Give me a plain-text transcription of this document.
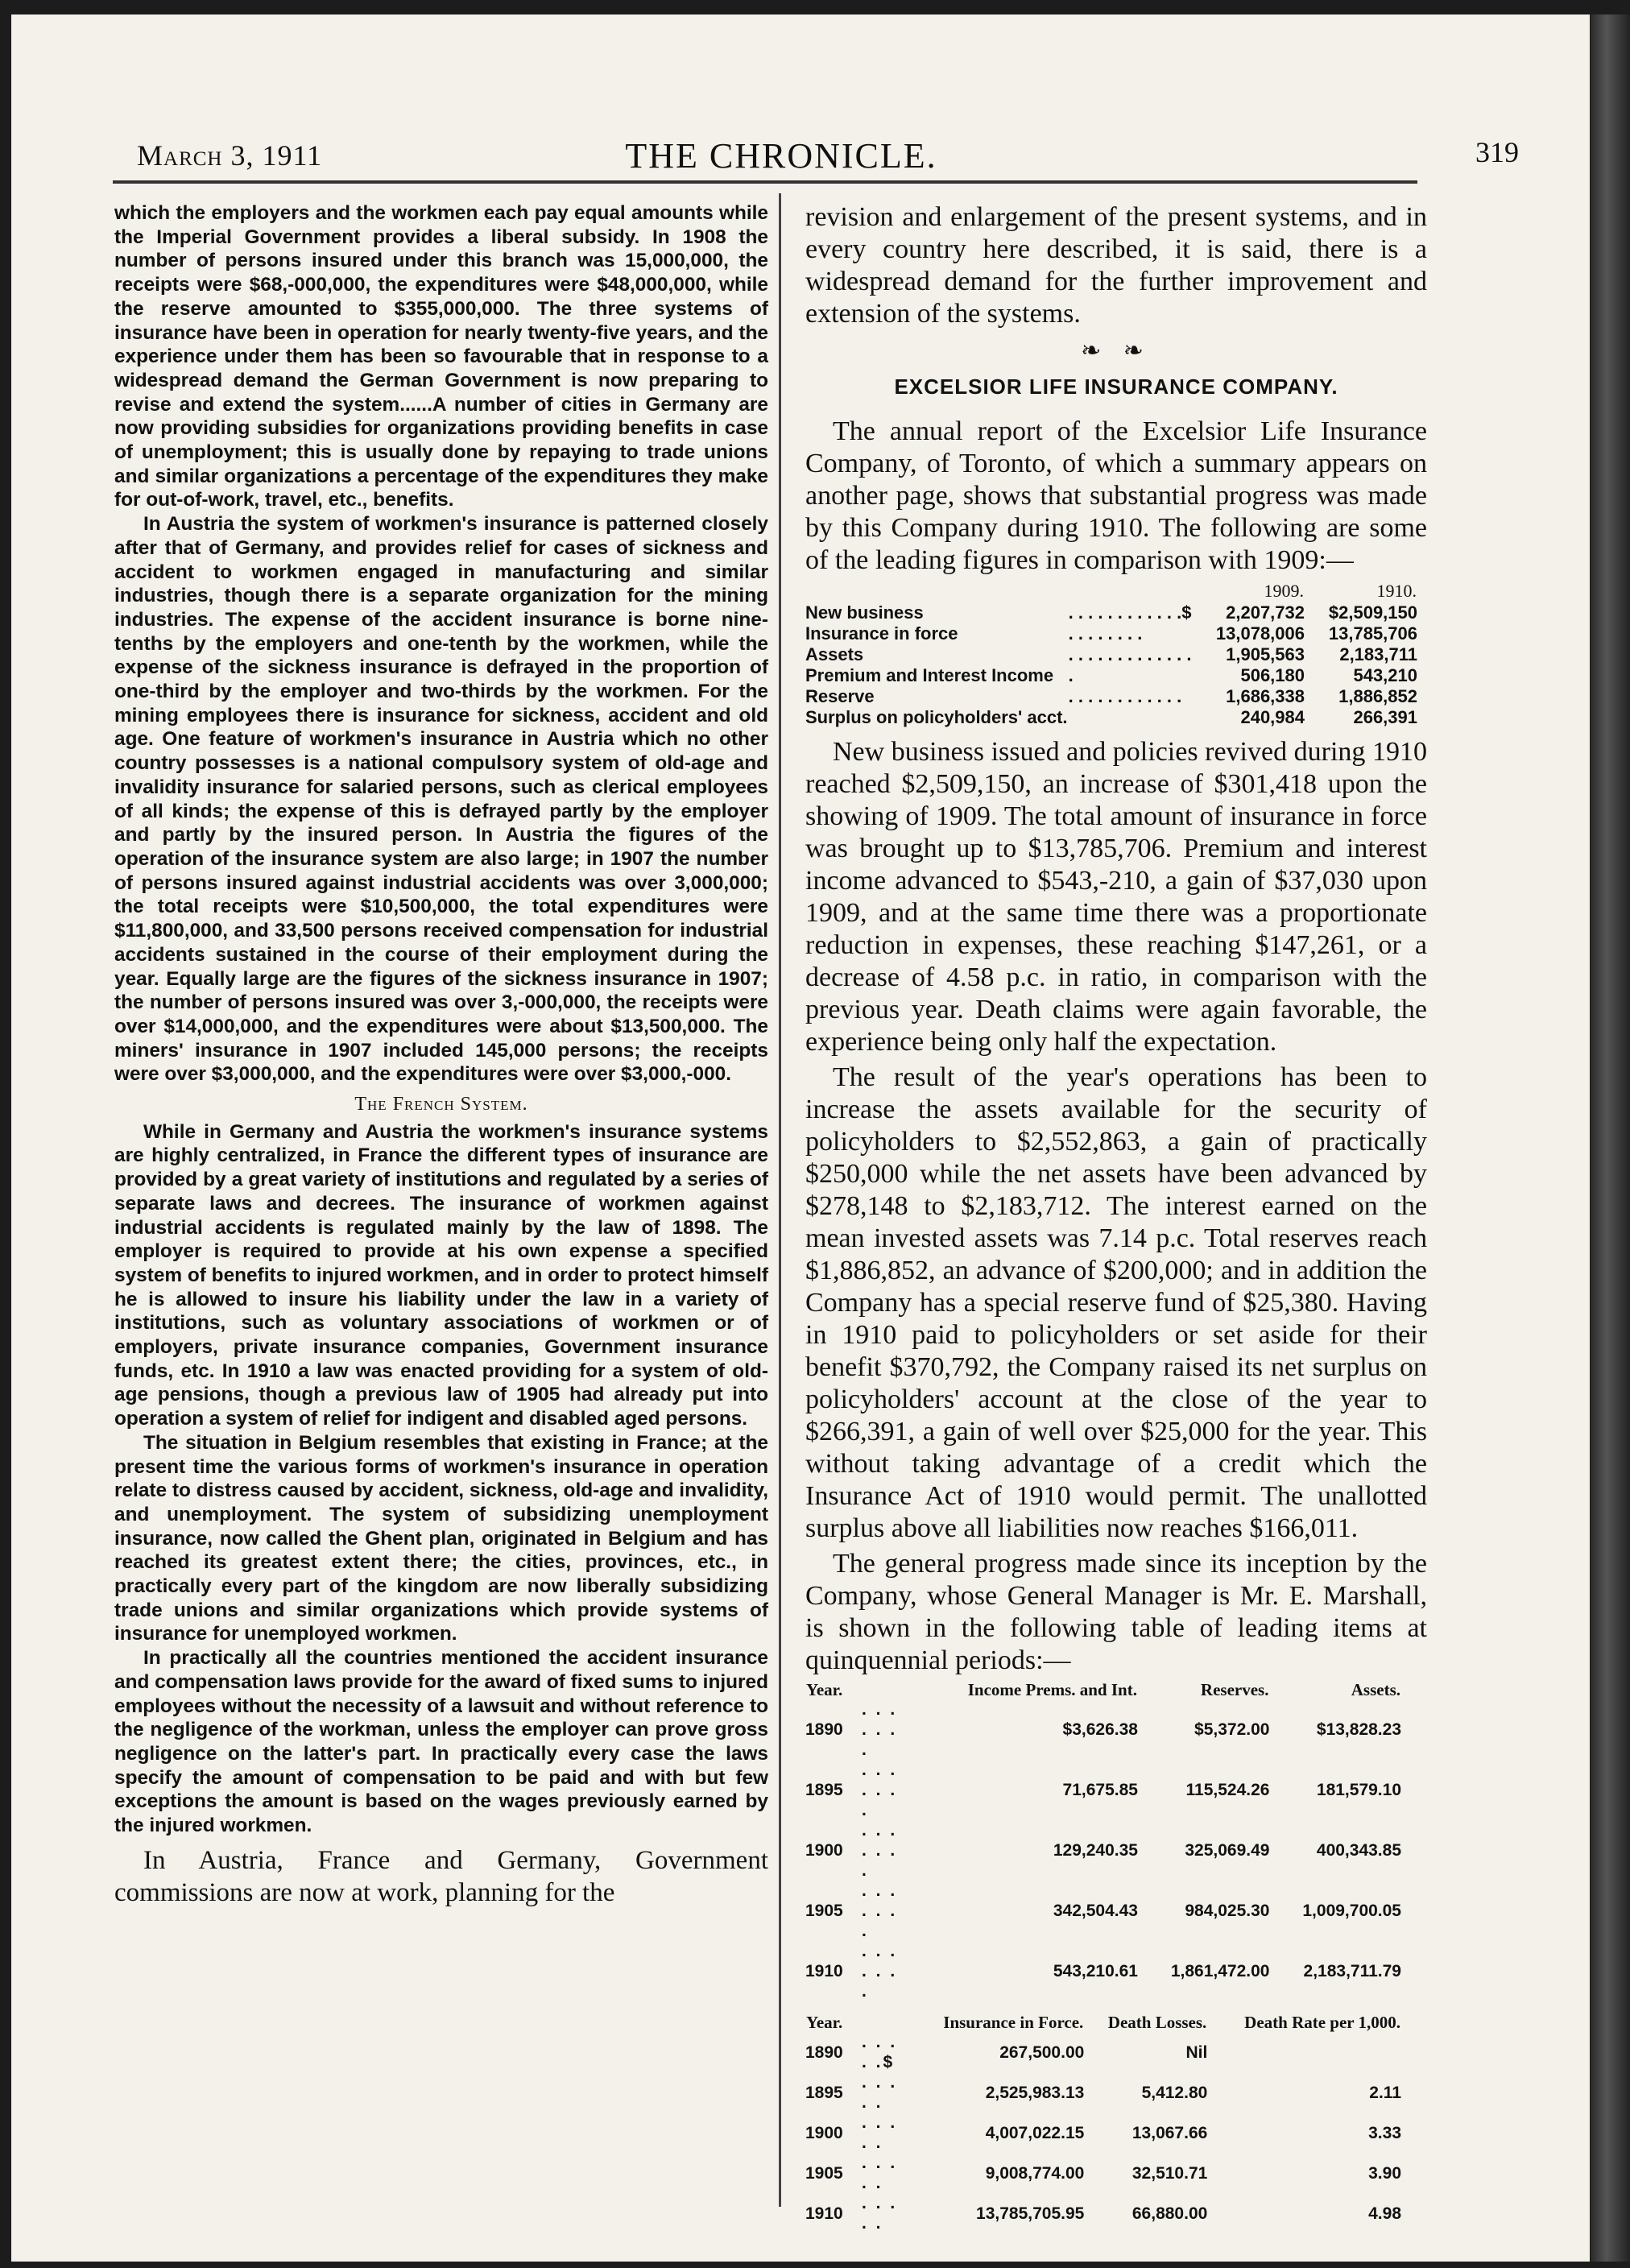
March 3, 1911	THE CHRONICLE.	319

which the employers and the workmen each pay equal amounts while the Imperial Government provides a liberal subsidy. In 1908 the number of persons insured under this branch was 15,000,000, the receipts were $68,-000,000, the expenditures were $48,000,000, while the reserve amounted to $355,000,000. The three systems of insurance have been in operation for nearly twenty-five years, and the experience under them has been so favourable that in response to a widespread demand the German Government is now preparing to revise and extend the system......A number of cities in Germany are now providing subsidies for organizations providing benefits in case of unemployment; this is usually done by repaying to trade unions and similar organizations a percentage of the expenditures they make for out-of-work, travel, etc., benefits.

In Austria the system of workmen's insurance is patterned closely after that of Germany, and provides relief for cases of sickness and accident to workmen engaged in manufacturing and similar industries, though there is a separate organization for the mining industries. The expense of the accident insurance is borne nine-tenths by the employers and one-tenth by the workmen, while the expense of the sickness insurance is defrayed in the proportion of one-third by the employer and two-thirds by the workmen. For the mining employees there is insurance for sickness, accident and old age. One feature of workmen's insurance in Austria which no other country possesses is a national compulsory system of old-age and invalidity insurance for salaried persons, such as clerical employees of all kinds; the expense of this is defrayed partly by the employer and partly by the insured person. In Austria the figures of the operation of the insurance system are also large; in 1907 the number of persons insured against industrial accidents was over 3,000,000; the total receipts were $10,500,000, the total expenditures were $11,800,000, and 33,500 persons received compensation for industrial accidents sustained in the course of their employment during the year. Equally large are the figures of the sickness insurance in 1907; the number of persons insured was over 3,-000,000, the receipts were over $14,000,000, and the expenditures were about $13,500,000. The miners' insurance in 1907 included 145,000 persons; the receipts were over $3,000,000, and the expenditures were over $3,000,-000.

The French System.

While in Germany and Austria the workmen's insurance systems are highly centralized, in France the different types of insurance are provided by a great variety of institutions and regulated by a series of separate laws and decrees. The insurance of workmen against industrial accidents is regulated mainly by the law of 1898. The employer is required to provide at his own expense a specified system of benefits to injured workmen, and in order to protect himself he is allowed to insure his liability under the law in a variety of institutions, such as voluntary associations of workmen or of employers, private insurance companies, Government insurance funds, etc. In 1910 a law was enacted providing for a system of old-age pensions, though a previous law of 1905 had already put into operation a system of relief for indigent and disabled aged persons.

The situation in Belgium resembles that existing in France; at the present time the various forms of workmen's insurance in operation relate to distress caused by accident, sickness, old-age and invalidity, and unemployment. The system of subsidizing unemployment insurance, now called the Ghent plan, originated in Belgium and has reached its greatest extent there; the cities, provinces, etc., in practically every part of the kingdom are now liberally subsidizing trade unions and similar organizations which provide systems of insurance for unemployed workmen.

In practically all the countries mentioned the accident insurance and compensation laws provide for the award of fixed sums to injured employees without the necessity of a lawsuit and without reference to the negligence of the workman, unless the employer can prove gross negligence on the latter's part. In practically every case the laws specify the amount of compensation to be paid and with but few exceptions the amount is based on the wages previously earned by the injured workmen.

In Austria, France and Germany, Government commissions are now at work, planning for the

revision and enlargement of the present systems, and in every country here described, it is said, there is a widespread demand for the further improvement and extension of the systems.

❧ ❧
EXCELSIOR LIFE INSURANCE COMPANY.

The annual report of the Excelsior Life Insurance Company, of Toronto, of which a summary appears on another page, shows that substantial progress was made by this Company during 1910. The following are some of the leading figures in comparison with 1909:—

		1909.	1910.
New business	. . . . . . . . . . . .$	2,207,732	$2,509,150
Insurance in force	. . . . . . . .	13,078,006	13,785,706
Assets	. . . . . . . . . . . . .	1,905,563	2,183,711
Premium and Interest Income	.	506,180	543,210
Reserve	. . . . . . . . . . . .	1,686,338	1,886,852
Surplus on policyholders' acct.		240,984	266,391

New business issued and policies revived during 1910 reached $2,509,150, an increase of $301,418 upon the showing of 1909. The total amount of insurance in force was brought up to $13,785,706. Premium and interest income advanced to $543,-210, a gain of $37,030 upon 1909, and at the same time there was a proportionate reduction in expenses, these reaching $147,261, or a decrease of 4.58 p.c. in ratio, in comparison with the previous year. Death claims were again favorable, the experience being only half the expectation.

The result of the year's operations has been to increase the assets available for the security of policyholders to $2,552,863, a gain of practically $250,000 while the net assets have been advanced by $278,148 to $2,183,712. The interest earned on the mean invested assets was 7.14 p.c. Total reserves reach $1,886,852, an advance of $200,000; and in addition the Company has a special reserve fund of $25,380. Having in 1910 paid to policyholders or set aside for their benefit $370,792, the Company raised its net surplus on policyholders' account at the close of the year to $266,391, a gain of well over $25,000 for the year. This without taking advantage of a credit which the Insurance Act of 1910 would permit. The unallotted surplus above all liabilities now reaches $166,011.

The general progress made since its inception by the Company, whose General Manager is Mr. E. Marshall, is shown in the following table of leading items at quinquennial periods:—

Year.		Income Prems. and Int.	Reserves.	Assets.
1890	. . . . . . .	$3,626.38	$5,372.00	$13,828.23
1895	. . . . . . .	71,675.85	115,524.26	181,579.10
1900	. . . . . . .	129,240.35	325,069.49	400,343.85
1905	. . . . . . .	342,504.43	984,025.30	1,009,700.05
1910	. . . . . . .	543,210.61	1,861,472.00	2,183,711.79
Year.		Insurance in Force.	Death Losses.	Death Rate per 1,000.
1890	. . . . .$	267,500.00	Nil	
1895	. . . . .	2,525,983.13	5,412.80	2.11
1900	. . . . .	4,007,022.15	13,067.66	3.33
1905	. . . . .	9,008,774.00	32,510.71	3.90
1910	. . . . .	13,785,705.95	66,880.00	4.98
